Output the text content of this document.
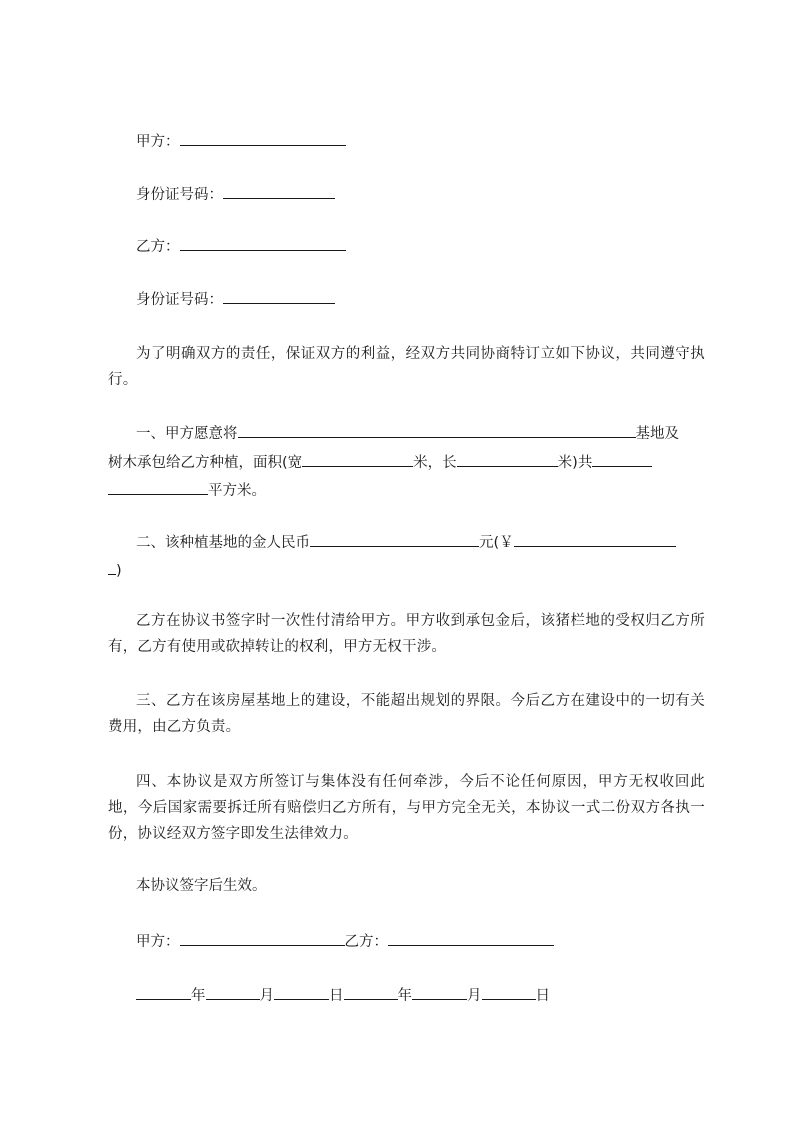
甲方：
身份证号码：
乙方：
身份证号码：
为了明确双方的责任，保证双方的利益，经双方共同协商特订立如下协议，共同遵守执行。
一、甲方愿意将	基地及
树木承包给乙方种植，面积(宽	米，长	米)共
平方米。
二、该种植基地的金人民币	元(￥
)
乙方在协议书签字时一次性付清给甲方。甲方收到承包金后，该猪栏地的受权归乙方所有，乙方有使用或砍掉转让的权利，甲方无权干涉。
三、乙方在该房屋基地上的建设，不能超出规划的界限。今后乙方在建设中的一切有关费用，由乙方负责。
四、本协议是双方所签订与集体没有任何牵涉，今后不论任何原因，甲方无权收回此地，今后国家需要拆迁所有赔偿归乙方所有，与甲方完全无关，本协议一式二份双方各执一份，协议经双方签字即发生法律效力。
本协议签字后生效。
甲方：	乙方：
年	月	日	年	月	日
